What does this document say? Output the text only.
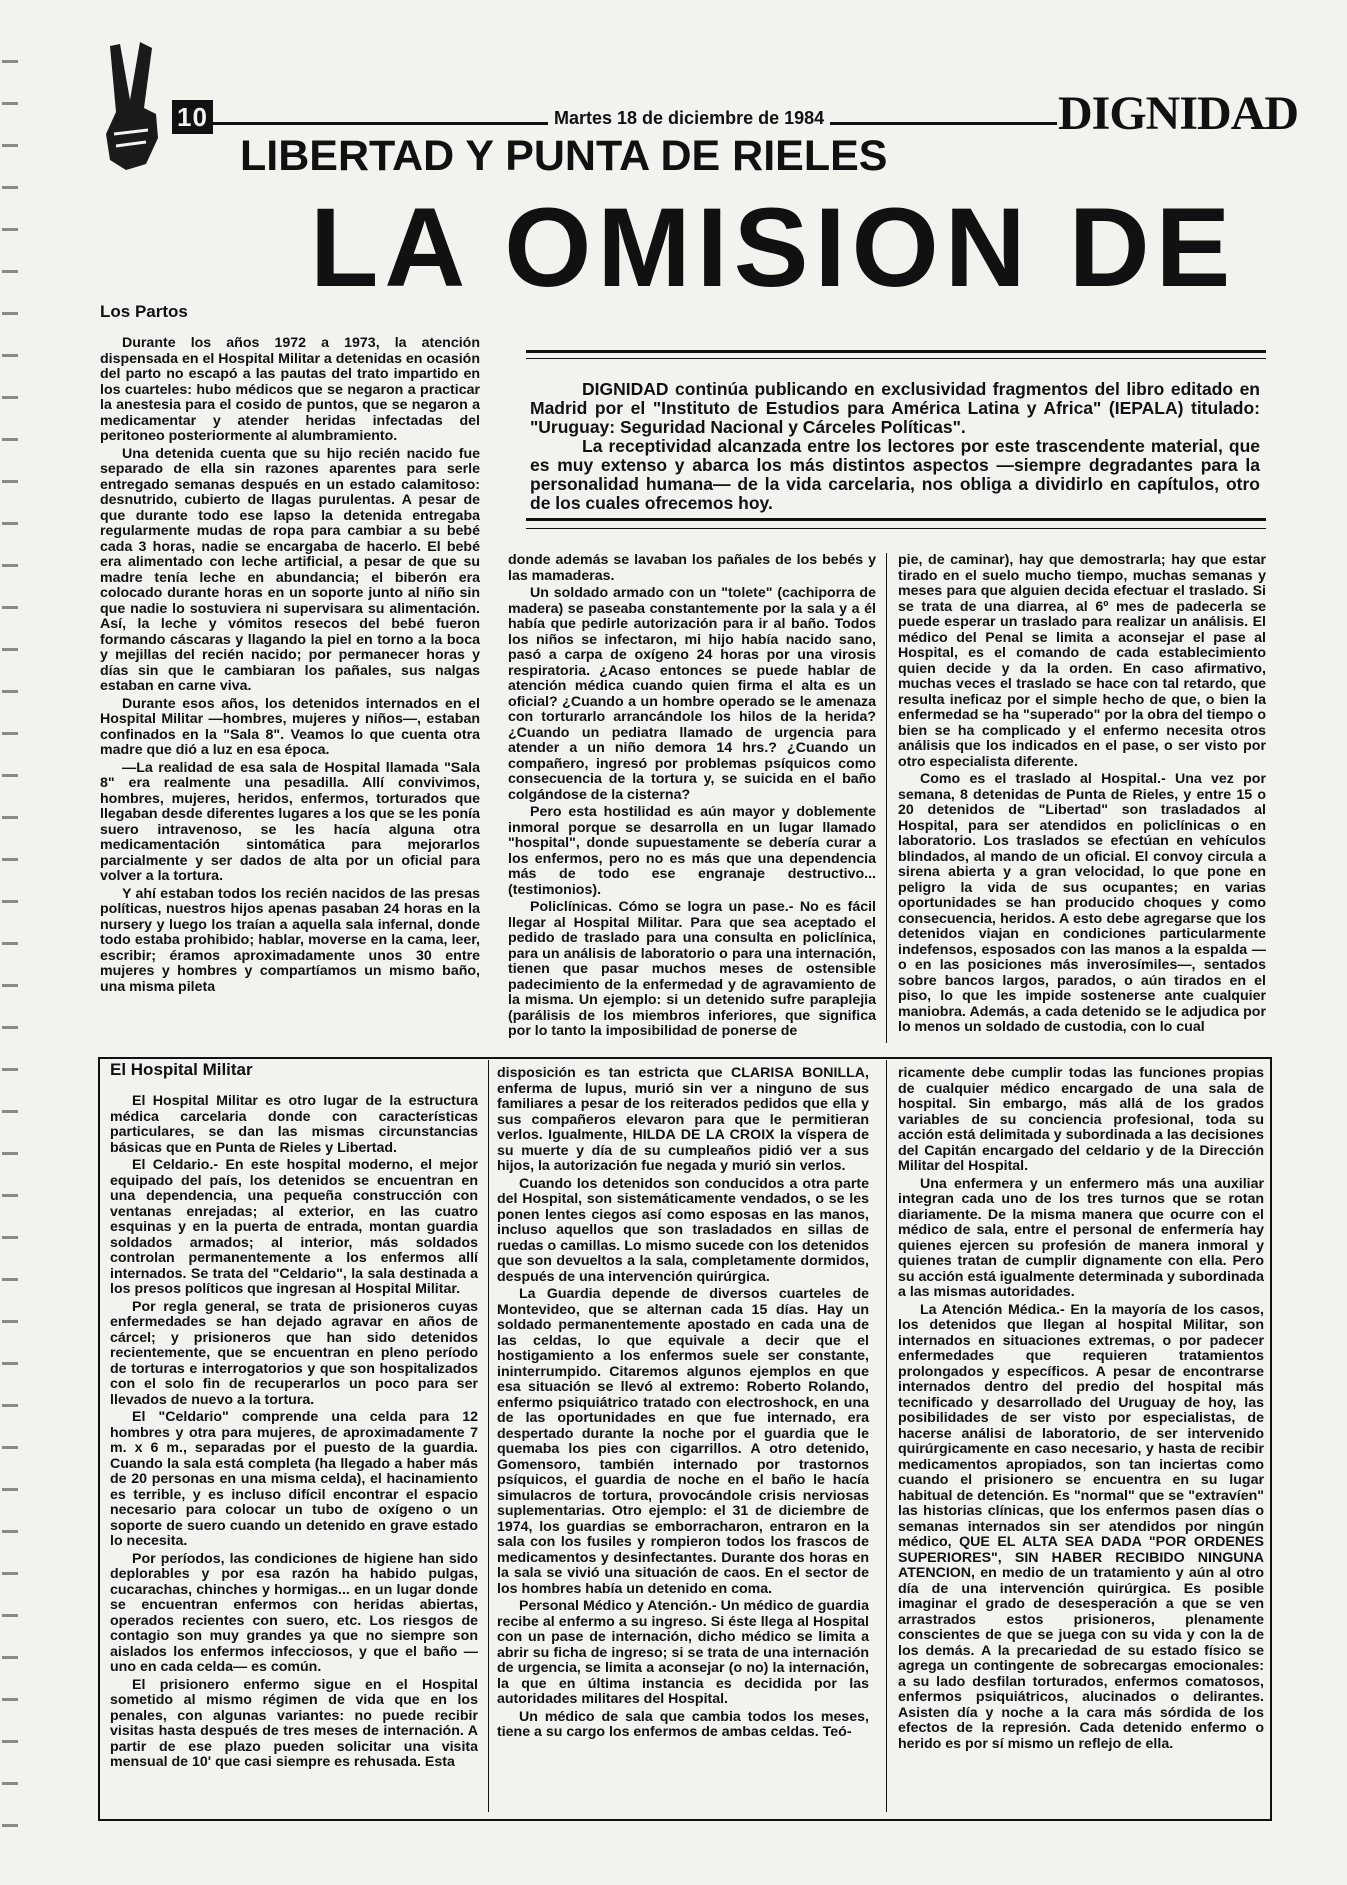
10	Martes 18 de diciembre de 1984	DIGNIDAD
LIBERTAD Y PUNTA DE RIELES
LA OMISION DE
Los Partos

Durante los años 1972 a 1973, la atención dispensada en el Hospital Militar a detenidas en ocasión del parto no escapó a las pautas del trato impartido en los cuarteles: hubo médicos que se negaron a practicar la anestesia para el cosido de puntos, que se negaron a medicamentar y atender heridas infectadas del peritoneo posteriormente al alumbramiento.

Una detenida cuenta que su hijo recién nacido fue separado de ella sin razones aparentes para serle entregado semanas después en un estado calamitoso: desnutrido, cubierto de llagas purulentas. A pesar de que durante todo ese lapso la detenida entregaba regularmente mudas de ropa para cambiar a su bebé cada 3 horas, nadie se encargaba de hacerlo. El bebé era alimentado con leche artificial, a pesar de que su madre tenía leche en abundancia; el biberón era colocado durante horas en un soporte junto al niño sin que nadie lo sostuviera ni supervisara su alimentación. Así, la leche y vómitos resecos del bebé fueron formando cáscaras y llagando la piel en torno a la boca y mejillas del recién nacido; por permanecer horas y días sin que le cambiaran los pañales, sus nalgas estaban en carne viva.

Durante esos años, los detenidos internados en el Hospital Militar —hombres, mujeres y niños—, estaban confinados en la "Sala 8". Veamos lo que cuenta otra madre que dió a luz en esa época.

—La realidad de esa sala de Hospital llamada "Sala 8" era realmente una pesadilla. Allí convivimos, hombres, mujeres, heridos, enfermos, torturados que llegaban desde diferentes lugares a los que se les ponía suero intravenoso, se les hacía alguna otra medicamentación sintomática para mejorarlos parcialmente y ser dados de alta por un oficial para volver a la tortura.

Y ahí estaban todos los recién nacidos de las presas políticas, nuestros hijos apenas pasaban 24 horas en la nursery y luego los traían a aquella sala infernal, donde todo estaba prohibido; hablar, moverse en la cama, leer, escribir; éramos aproximadamente unos 30 entre mujeres y hombres y compartíamos un mismo baño, una misma pileta

DIGNIDAD continúa publicando en exclusividad fragmentos del libro editado en Madrid por el "Instituto de Estudios para América Latina y Africa" (IEPALA) titulado: "Uruguay: Seguridad Nacional y Cárceles Políticas".

La receptividad alcanzada entre los lectores por este trascendente material, que es muy extenso y abarca los más distintos aspectos —siempre degradantes para la personalidad humana— de la vida carcelaria, nos obliga a dividirlo en capítulos, otro de los cuales ofrecemos hoy.

donde además se lavaban los pañales de los bebés y las mamaderas.

Un soldado armado con un "tolete" (cachiporra de madera) se paseaba constantemente por la sala y a él había que pedirle autorización para ir al baño. Todos los niños se infectaron, mi hijo había nacido sano, pasó a carpa de oxígeno 24 horas por una virosis respiratoria. ¿Acaso entonces se puede hablar de atención médica cuando quien firma el alta es un oficial? ¿Cuando a un hombre operado se le amenaza con torturarlo arrancándole los hilos de la herida? ¿Cuando un pediatra llamado de urgencia para atender a un niño demora 14 hrs.? ¿Cuando un compañero, ingresó por problemas psíquicos como consecuencia de la tortura y, se suicida en el baño colgándose de la cisterna?

Pero esta hostilidad es aún mayor y doblemente inmoral porque se desarrolla en un lugar llamado "hospital", donde supuestamente se debería curar a los enfermos, pero no es más que una dependencia más de todo ese engranaje destructivo... (testimonios).

Policlínicas. Cómo se logra un pase.- No es fácil llegar al Hospital Militar. Para que sea aceptado el pedido de traslado para una consulta en policlínica, para un análisis de laboratorio o para una internación, tienen que pasar muchos meses de ostensible padecimiento de la enfermedad y de agravamiento de la misma. Un ejemplo: si un detenido sufre paraplejia (parálisis de los miembros inferiores, que significa por lo tanto la imposibilidad de ponerse de

pie, de caminar), hay que demostrarla; hay que estar tirado en el suelo mucho tiempo, muchas semanas y meses para que alguien decida efectuar el traslado. Si se trata de una diarrea, al 6º mes de padecerla se puede esperar un traslado para realizar un análisis. El médico del Penal se limita a aconsejar el pase al Hospital, es el comando de cada establecimiento quien decide y da la orden. En caso afirmativo, muchas veces el traslado se hace con tal retardo, que resulta ineficaz por el simple hecho de que, o bien la enfermedad se ha "superado" por la obra del tiempo o bien se ha complicado y el enfermo necesita otros análisis que los indicados en el pase, o ser visto por otro especialista diferente.

Como es el traslado al Hospital.- Una vez por semana, 8 detenidas de Punta de Rieles, y entre 15 o 20 detenidos de "Libertad" son trasladados al Hospital, para ser atendidos en policlínicas o en laboratorio. Los traslados se efectúan en vehículos blindados, al mando de un oficial. El convoy circula a sirena abierta y a gran velocidad, lo que pone en peligro la vida de sus ocupantes; en varias oportunidades se han producido choques y como consecuencia, heridos. A esto debe agregarse que los detenidos viajan en condiciones particularmente indefensos, esposados con las manos a la espalda —o en las posiciones más inverosímiles—, sentados sobre bancos largos, parados, o aún tirados en el piso, lo que les impide sostenerse ante cualquier maniobra. Además, a cada detenido se le adjudica por lo menos un soldado de custodia, con lo cual

El Hospital Militar

El Hospital Militar es otro lugar de la estructura médica carcelaria donde con características particulares, se dan las mismas circunstancias básicas que en Punta de Rieles y Libertad.

El Celdario.- En este hospital moderno, el mejor equipado del país, los detenidos se encuentran en una dependencia, una pequeña construcción con ventanas enrejadas; al exterior, en las cuatro esquinas y en la puerta de entrada, montan guardia soldados armados; al interior, más soldados controlan permanentemente a los enfermos allí internados. Se trata del "Celdario", la sala destinada a los presos políticos que ingresan al Hospital Militar.

Por regla general, se trata de prisioneros cuyas enfermedades se han dejado agravar en años de cárcel; y prisioneros que han sido detenidos recientemente, que se encuentran en pleno período de torturas e interrogatorios y que son hospitalizados con el solo fin de recuperarlos un poco para ser llevados de nuevo a la tortura.

El "Celdario" comprende una celda para 12 hombres y otra para mujeres, de aproximadamente 7 m. x 6 m., separadas por el puesto de la guardia. Cuando la sala está completa (ha llegado a haber más de 20 personas en una misma celda), el hacinamiento es terrible, y es incluso difícil encontrar el espacio necesario para colocar un tubo de oxígeno o un soporte de suero cuando un detenido en grave estado lo necesita.

Por períodos, las condiciones de higiene han sido deplorables y por esa razón ha habido pulgas, cucarachas, chinches y hormigas... en un lugar donde se encuentran enfermos con heridas abiertas, operados recientes con suero, etc. Los riesgos de contagio son muy grandes ya que no siempre son aislados los enfermos infecciosos, y que el baño —uno en cada celda— es común.

El prisionero enfermo sigue en el Hospital sometido al mismo régimen de vida que en los penales, con algunas variantes: no puede recibir visitas hasta después de tres meses de internación. A partir de ese plazo pueden solicitar una visita mensual de 10' que casi siempre es rehusada. Esta

disposición es tan estricta que CLARISA BONILLA, enferma de lupus, murió sin ver a ninguno de sus familiares a pesar de los reiterados pedidos que ella y sus compañeros elevaron para que le permitieran verlos. Igualmente, HILDA DE LA CROIX la víspera de su muerte y día de su cumpleaños pidió ver a sus hijos, la autorización fue negada y murió sin verlos.

Cuando los detenidos son conducidos a otra parte del Hospital, son sistemáticamente vendados, o se les ponen lentes ciegos así como esposas en las manos, incluso aquellos que son trasladados en sillas de ruedas o camillas. Lo mismo sucede con los detenidos que son devueltos a la sala, completamente dormidos, después de una intervención quirúrgica.

La Guardia depende de diversos cuarteles de Montevideo, que se alternan cada 15 días. Hay un soldado permanentemente apostado en cada una de las celdas, lo que equivale a decir que el hostigamiento a los enfermos suele ser constante, ininterrumpido. Citaremos algunos ejemplos en que esa situación se llevó al extremo: Roberto Rolando, enfermo psiquiátrico tratado con electroshock, en una de las oportunidades en que fue internado, era despertado durante la noche por el guardia que le quemaba los pies con cigarrillos. A otro detenido, Gomensoro, también internado por trastornos psíquicos, el guardia de noche en el baño le hacía simulacros de tortura, provocándole crisis nerviosas suplementarias. Otro ejemplo: el 31 de diciembre de 1974, los guardias se emborracharon, entraron en la sala con los fusiles y rompieron todos los frascos de medicamentos y desinfectantes. Durante dos horas en la sala se vivió una situación de caos. En el sector de los hombres había un detenido en coma.

Personal Médico y Atención.- Un médico de guardia recibe al enfermo a su ingreso. Si éste llega al Hospital con un pase de internación, dicho médico se limita a abrir su ficha de ingreso; si se trata de una internación de urgencia, se limita a aconsejar (o no) la internación, la que en última instancia es decidida por las autoridades militares del Hospital.

Un médico de sala que cambia todos los meses, tiene a su cargo los enfermos de ambas celdas. Teó-

ricamente debe cumplir todas las funciones propias de cualquier médico encargado de una sala de hospital. Sin embargo, más allá de los grados variables de su conciencia profesional, toda su acción está delimitada y subordinada a las decisiones del Capitán encargado del celdario y de la Dirección Militar del Hospital.

Una enfermera y un enfermero más una auxiliar integran cada uno de los tres turnos que se rotan diariamente. De la misma manera que ocurre con el médico de sala, entre el personal de enfermería hay quienes ejercen su profesión de manera inmoral y quienes tratan de cumplir dignamente con ella. Pero su acción está igualmente determinada y subordinada a las mismas autoridades.

La Atención Médica.- En la mayoría de los casos, los detenidos que llegan al hospital Militar, son internados en situaciones extremas, o por padecer enfermedades que requieren tratamientos prolongados y específicos. A pesar de encontrarse internados dentro del predio del hospital más tecnificado y desarrollado del Uruguay de hoy, las posibilidades de ser visto por especialistas, de hacerse análisi de laboratorio, de ser intervenido quirúrgicamente en caso necesario, y hasta de recibir medicamentos apropiados, son tan inciertas como cuando el prisionero se encuentra en su lugar habitual de detención. Es "normal" que se "extravíen" las historias clínicas, que los enfermos pasen días o semanas internados sin ser atendidos por ningún médico, QUE EL ALTA SEA DADA "POR ORDENES SUPERIORES", SIN HABER RECIBIDO NINGUNA ATENCION, en medio de un tratamiento y aún al otro día de una intervención quirúrgica. Es posible imaginar el grado de desesperación a que se ven arrastrados estos prisioneros, plenamente conscientes de que se juega con su vida y con la de los demás. A la precariedad de su estado físico se agrega un contingente de sobrecargas emocionales: a su lado desfilan torturados, enfermos comatosos, enfermos psiquiátricos, alucinados o delirantes. Asisten día y noche a la cara más sórdida de los efectos de la represión. Cada detenido enfermo o herido es por sí mismo un reflejo de ella.
